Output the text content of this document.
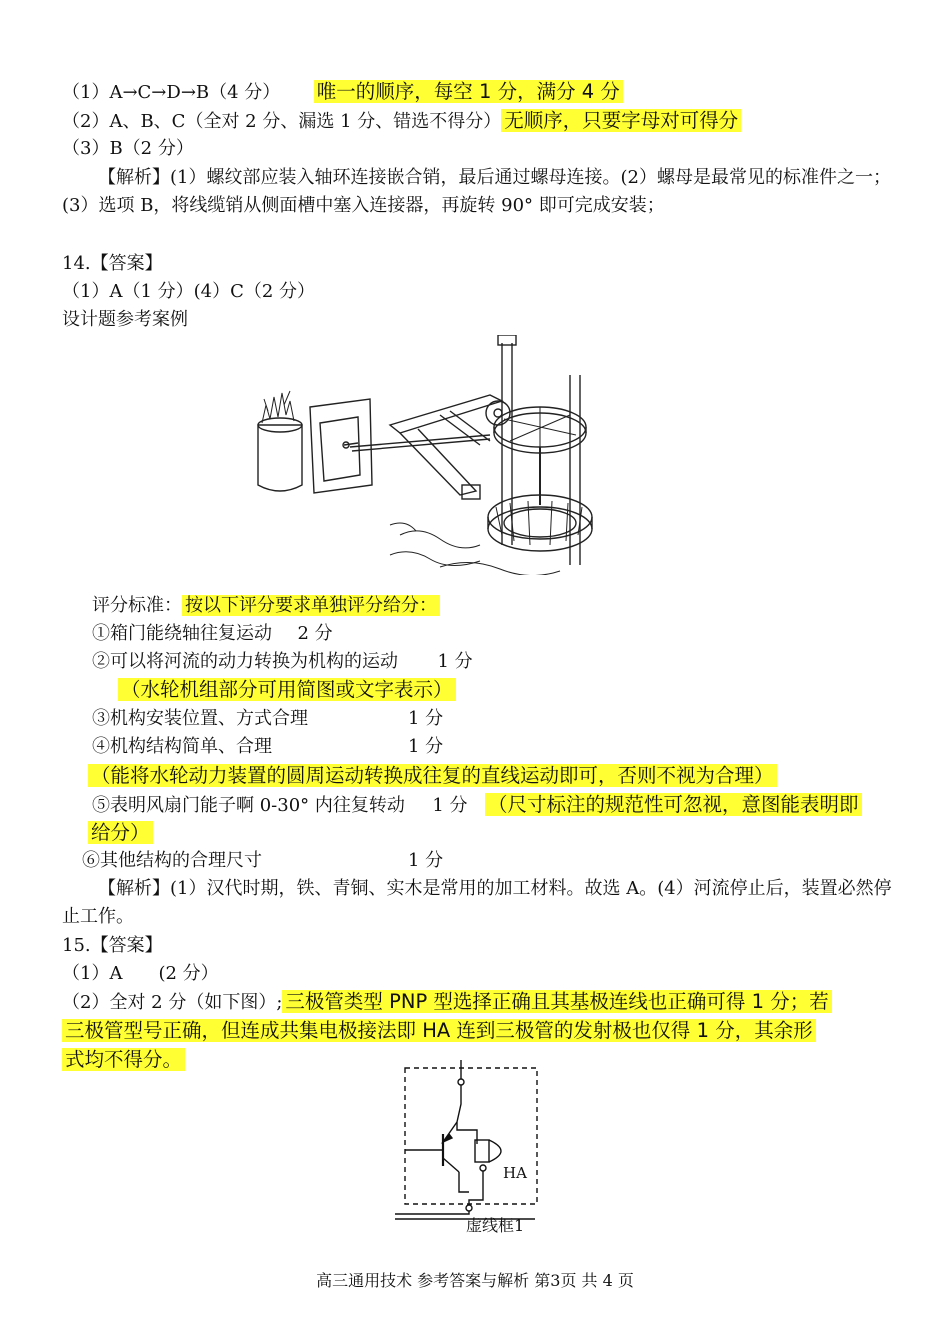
（1）A→C→D→B（4 分） 唯一的顺序，每空 1 分，满分 4 分
（2）A、B、C（全对 2 分、漏选 1 分、错选不得分） 无顺序，只要字母对可得分
（3）B（2 分）
【解析】(1）螺纹部应装入轴环连接嵌合销，最后通过螺母连接。(2）螺母是最常见的标准件之一；(3）选项 B，将线缆销从侧面槽中塞入连接器，再旋转 90° 即可完成安装；
14.【答案】
（1）A（1 分）(4）C（2 分）
设计题参考案例
评分标准： 按以下评分要求单独评分给分：
①箱门能绕轴往复运动 2 分
②可以将河流的动力转换为机构的运动 1 分
（水轮机组部分可用简图或文字表示）
③机构安装位置、方式合理	1 分
④机构结构简单、合理	1 分
（能将水轮动力装置的圆周运动转换成往复的直线运动即可，否则不视为合理）
⑤表明风扇门能子啊 0-30° 内往复转动 1 分 （尺寸标注的规范性可忽视，意图能表明即
给分）
⑥其他结构的合理尺寸	1 分
【解析】(1）汉代时期，铁、青铜、实木是常用的加工材料。故选 A。(4）河流停止后，装置必然停止工作。
15.【答案】
（1）A　　(2 分）
（2）全对 2 分（如下图）; 三极管类型 PNP 型选择正确且其基极连线也正确可得 1 分；若
三极管型号正确，但连成共集电极接法即 HA 连到三极管的发射极也仅得 1 分，其余形
式均不得分。
HA
虚线框1
高三通用技术 参考答案与解析 第3页 共 4 页
